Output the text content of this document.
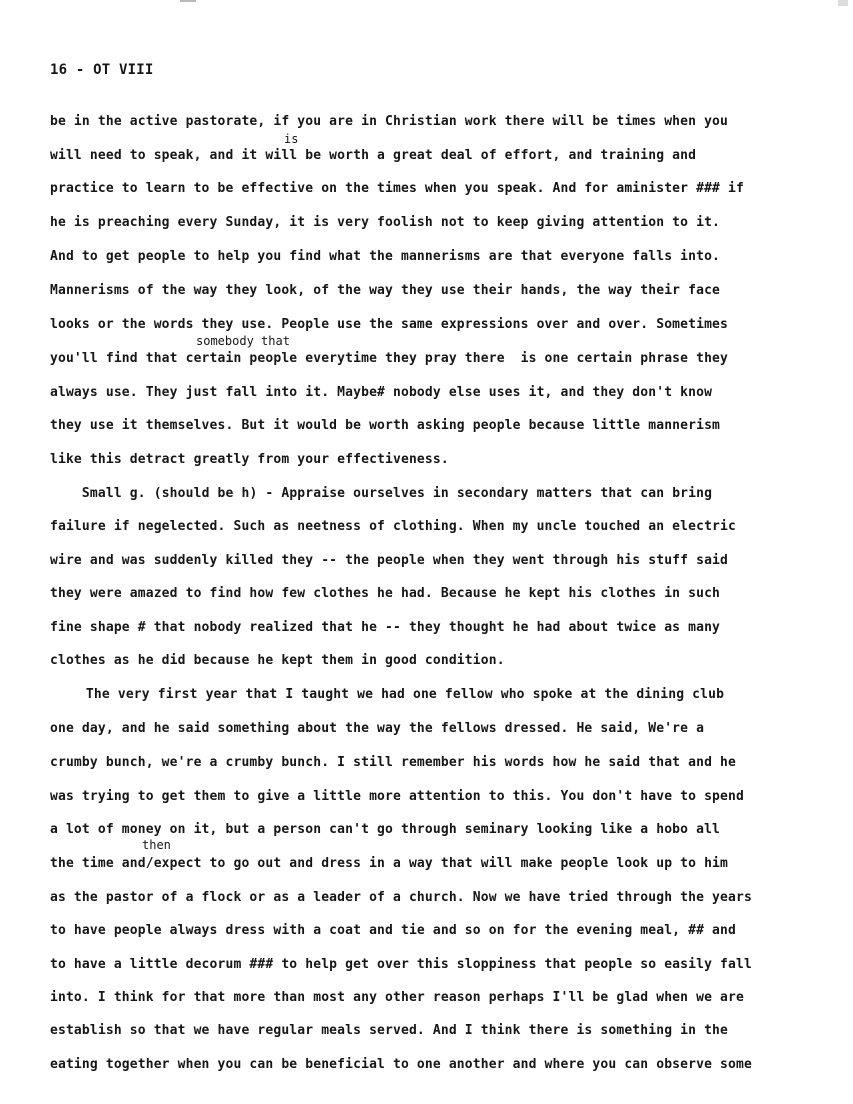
16 - OT VIII
is
somebody that
then
be in the active pastorate, if you are in Christian work there will be times when you
will need to speak, and it will be worth a great deal of effort, and training and
practice to learn to be effective on the times when you speak. And for aminister ### if
he is preaching every Sunday, it is very foolish not to keep giving attention to it.
And to get people to help you find what the mannerisms are that everyone falls into.
Mannerisms of the way they look, of the way they use their hands, the way their face
looks or the words they use. People use the same expressions over and over. Sometimes
you'll find that certain people everytime they pray there  is one certain phrase they
always use. They just fall into it. Maybe# nobody else uses it, and they don't know
they use it themselves. But it would be worth asking people because little mannerism
like this detract greatly from your effectiveness.
Small g. (should be h) - Appraise ourselves in secondary matters that can bring
failure if negelected. Such as neetness of clothing. When my uncle touched an electric
wire and was suddenly killed they -- the people when they went through his stuff said
they were amazed to find how few clothes he had. Because he kept his clothes in such
fine shape # that nobody realized that he -- they thought he had about twice as many
clothes as he did because he kept them in good condition.
The very first year that I taught we had one fellow who spoke at the dining club
one day, and he said something about the way the fellows dressed. He said, We're a
crumby bunch, we're a crumby bunch. I still remember his words how he said that and he
was trying to get them to give a little more attention to this. You don't have to spend
a lot of money on it, but a person can't go through seminary looking like a hobo all
the time and/expect to go out and dress in a way that will make people look up to him
as the pastor of a flock or as a leader of a church. Now we have tried through the years
to have people always dress with a coat and tie and so on for the evening meal, ## and
to have a little decorum ### to help get over this sloppiness that people so easily fall
into. I think for that more than most any other reason perhaps I'll be glad when we are
establish so that we have regular meals served. And I think there is something in the
eating together when you can be beneficial to one another and where you can observe some
